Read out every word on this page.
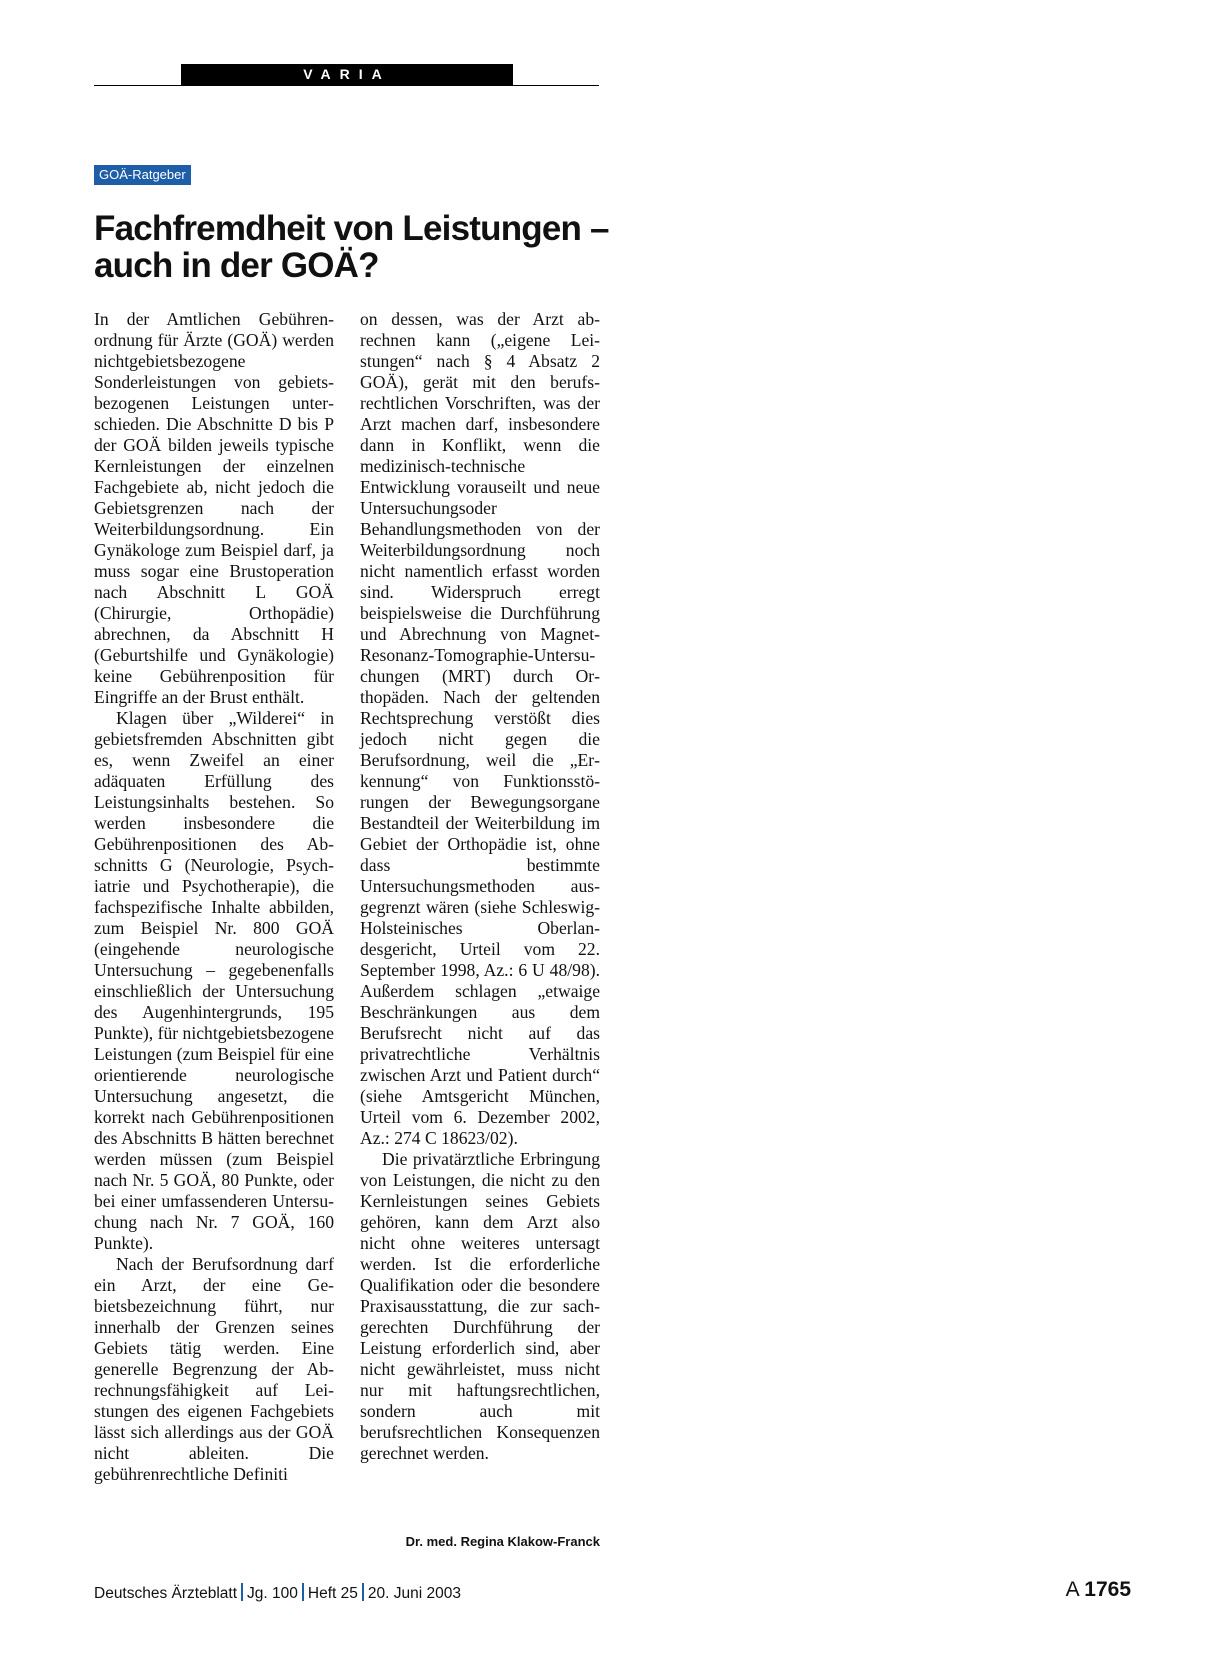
VARIA
GOÄ-Ratgeber
Fachfremdheit von Leistungen – auch in der GOÄ?

In der Amtlichen Gebührenordnung für Ärzte (GOÄ) werden nichtgebietsbezogene Sonderleistungen von gebietsbezogenen Leistungen unterschieden. Die Abschnitte D bis P der GOÄ bilden jeweils typische Kernleistungen der einzelnen Fachgebiete ab, nicht jedoch die Gebietsgrenzen nach der Weiterbildungsordnung. Ein Gynäkologe zum Beispiel darf, ja muss sogar eine Brustoperation nach Abschnitt L GOÄ (Chirurgie, Orthopädie) abrechnen, da Abschnitt H (Geburtshilfe und Gynäkologie) keine Gebührenposition für Eingriffe an der Brust enthält.

Klagen über „Wilderei“ in gebietsfremden Abschnitten gibt es, wenn Zweifel an einer adäquaten Erfüllung des Leistungsinhalts bestehen. So werden insbesondere die Gebührenpositionen des Abschnitts G (Neurologie, Psychiatrie und Psychotherapie), die fachspezifische Inhalte abbilden, zum Beispiel Nr. 800 GOÄ (eingehende neurologische Untersuchung – gegebenenfalls einschließlich der Untersuchung des Augenhintergrunds, 195 Punkte), für nichtgebietsbezogene Leistungen (zum Beispiel für eine orientierende neurologische Untersuchung angesetzt, die korrekt nach Gebührenpositionen des Abschnitts B hätten berechnet werden müssen (zum Beispiel nach Nr. 5 GOÄ, 80 Punkte, oder bei einer umfassenderen Untersuchung nach Nr. 7 GOÄ, 160 Punkte).

Nach der Berufsordnung darf ein Arzt, der eine Gebietsbezeichnung führt, nur innerhalb der Grenzen seines Gebiets tätig werden. Eine generelle Begrenzung der Abrechnungsfähigkeit auf Leistungen des eigenen Fachgebiets lässt sich allerdings aus der GOÄ nicht ableiten. Die gebührenrechtliche Definiti

on dessen, was der Arzt abrechnen kann („eigene Leistungen“ nach § 4 Absatz 2 GOÄ), gerät mit den berufsrechtlichen Vorschriften, was der Arzt machen darf, insbesondere dann in Konflikt, wenn die medizinisch-technische Entwicklung vorauseilt und neue Untersuchungsoder Behandlungsmethoden von der Weiterbildungsordnung noch nicht namentlich erfasst worden sind. Widerspruch erregt beispielsweise die Durchführung und Abrechnung von Magnet-Resonanz-Tomographie-Untersuchungen (MRT) durch Orthopäden. Nach der geltenden Rechtsprechung verstößt dies jedoch nicht gegen die Berufsordnung, weil die „Erkennung“ von Funktionsstörungen der Bewegungsorgane Bestandteil der Weiterbildung im Gebiet der Orthopädie ist, ohne dass bestimmte Untersuchungsmethoden ausgegrenzt wären (siehe Schleswig-Holsteinisches Oberlandesgericht, Urteil vom 22. September 1998, Az.: 6 U 48/98). Außerdem schlagen „etwaige Beschränkungen aus dem Berufsrecht nicht auf das privatrechtliche Verhältnis zwischen Arzt und Patient durch“ (siehe Amtsgericht München, Urteil vom 6. Dezember 2002, Az.: 274 C 18623/02).

Die privatärztliche Erbringung von Leistungen, die nicht zu den Kernleistungen seines Gebiets gehören, kann dem Arzt also nicht ohne weiteres untersagt werden. Ist die erforderliche Qualifikation oder die besondere Praxisausstattung, die zur sachgerechten Durchführung der Leistung erforderlich sind, aber nicht gewährleistet, muss nicht nur mit haftungsrechtlichen, sondern auch mit berufsrechtlichen Konsequenzen gerechnet werden.

Dr. med. Regina Klakow-Franck
Deutsches Ärzteblatt Jg. 100 Heft 25 20. Juni 2003	A 1765
